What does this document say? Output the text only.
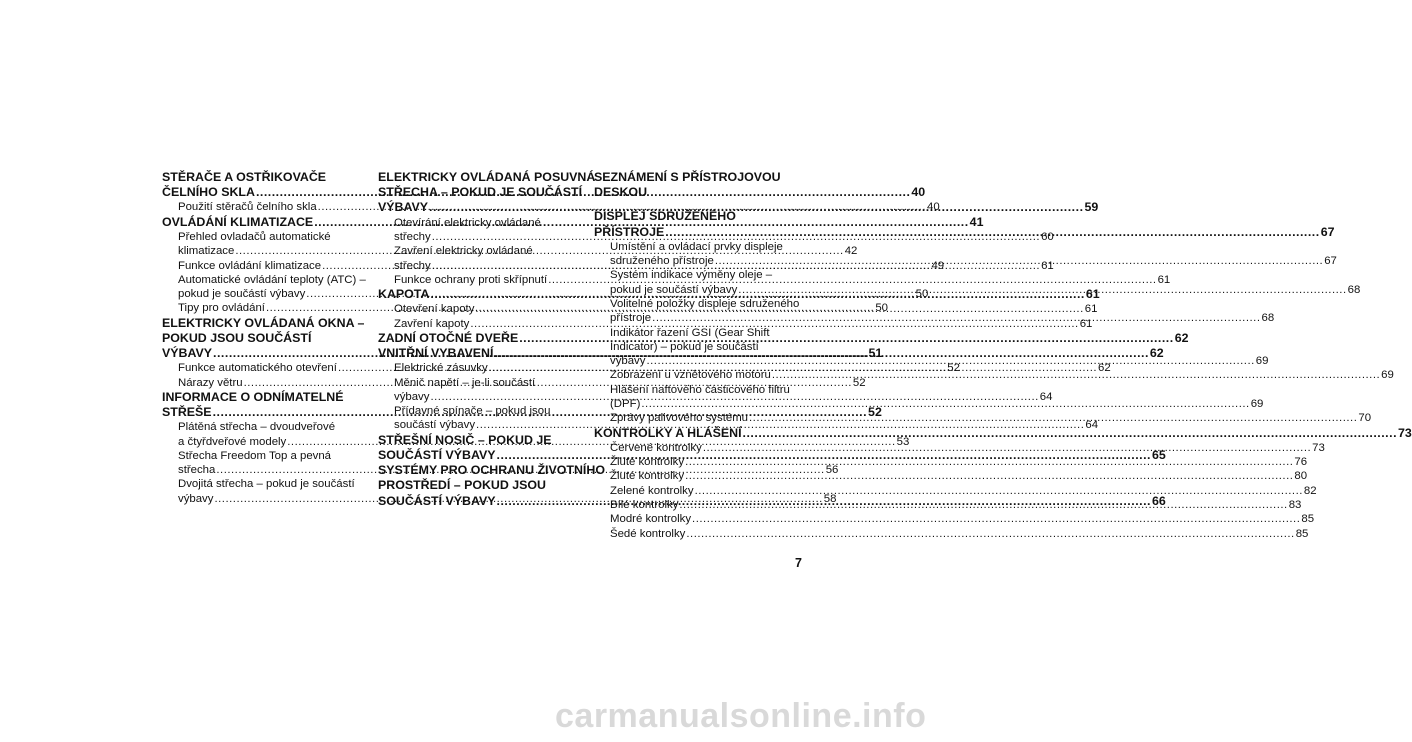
STĚRAČE A OSTŘIKOVAČE
ČELNÍHO SKLA .....	40
Použití stěračů čelního skla .....	40
OVLÁDÁNÍ KLIMATIZACE .....	41
Přehled ovladačů automatické
klimatizace .....	42
Funkce ovládání klimatizace .....	49
Automatické ovládání teploty (ATC) –
pokud je součástí výbavy .....	50
Tipy pro ovládání .....	50
ELEKTRICKY OVLÁDANÁ OKNA –
POKUD JSOU SOUČÁSTÍ
VÝBAVY .....	51
Funkce automatického otevření .....	52
Nárazy větru .....	52
INFORMACE O ODNÍMATELNÉ
STŘEŠE .....	52
Plátěná střecha – dvoudveřové
a čtyřdveřové modely .....	53
Střecha Freedom Top a pevná
střecha .....	56
Dvojitá střecha – pokud je součástí
výbavy .....	58
ELEKTRICKY OVLÁDANÁ POSUVNÁ
STŘECHA – POKUD JE SOUČÁSTÍ
VÝBAVY .....	59
Otevírání elektricky ovládané
střechy .....	60
Zavření elektricky ovládané
střechy .....	61
Funkce ochrany proti skřípnutí .....	61
KAPOTA .....	61
Otevření kapoty .....	61
Zavření kapoty .....	61
ZADNÍ OTOČNÉ DVEŘE .....	62
VNITŘNÍ VYBAVENÍ .....	62
Elektrické zásuvky .....	62
Měnič napětí – je-li součástí
výbavy .....	64
Přídavné spínače – pokud jsou
součástí výbavy .....	64
STŘEŠNÍ NOSIČ – POKUD JE
SOUČÁSTÍ VÝBAVY .....	65
SYSTÉMY PRO OCHRANU ŽIVOTNÍHO
PROSTŘEDÍ – POKUD JSOU
SOUČÁSTÍ VÝBAVY .....	66
SEZNÁMENÍ S PŘÍSTROJOVOU
DESKOU
DISPLEJ SDRUŽENÉHO
PŘÍSTROJE .....	67
Umístění a ovládací prvky displeje
sdruženého přístroje .....	67
Systém indikace výměny oleje –
pokud je součástí výbavy .....	68
Volitelné položky displeje sdruženého
přístroje .....	68
Indikátor řazení GSI (Gear Shift
Indicator) – pokud je součástí
výbavy .....	69
Zobrazení u vznětového motoru .....	69
Hlášení naftového částicového filtru
(DPF) .....	69
Zprávy palivového systému .....	70
KONTROLKY A HLÁŠENÍ .....	73
Červené kontrolky .....	73
Žluté kontrolky .....	76
Žluté kontrolky .....	80
Zelené kontrolky .....	82
Bílé kontrolky .....	83
Modré kontrolky .....	85
Šedé kontrolky .....	85
7
carmanualsonline.info
